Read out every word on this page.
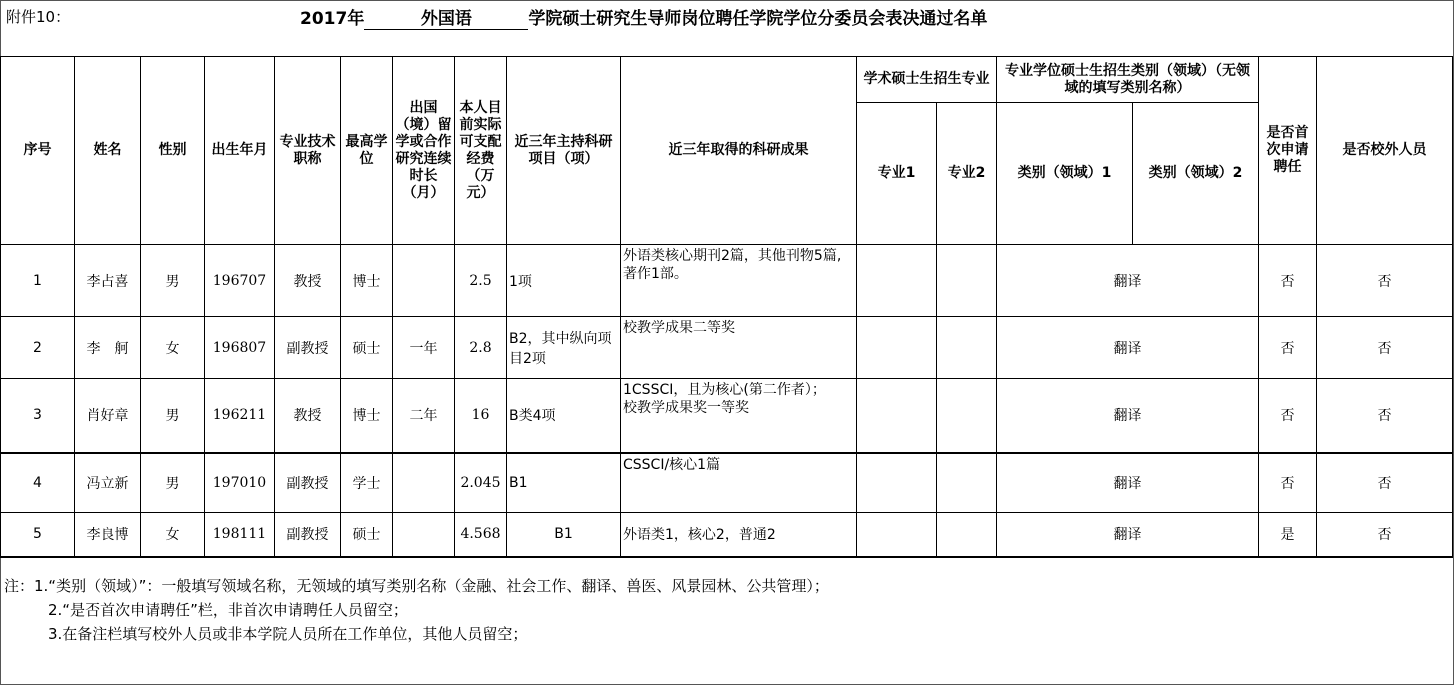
附件10：	2017年	外国语	学院硕士研究生导师岗位聘任学院学位分委员会表决通过名单
序号	姓名	性别	出生年月	专业技术职称	最高学位	出国（境）留学或合作研究连续时长（月）	本人目前实际可支配经费（万元）	近三年主持科研项目（项）	近三年取得的科研成果	学术硕士生招生专业		专业学位硕士生招生类别（领域）（无领域的填写类别名称）		是否首次申请聘任	是否校外人员
										专业1	专业2	类别（领域）1	类别（领域）2		
1	李占喜	男	196707	教授	博士		2.5	1项	外语类核心期刊2篇，其他刊物5篇,著作1部。			翻译		否	否
2	李　舸	女	196807	副教授	硕士	一年	2.8	B2，其中纵向项目2项	校教学成果二等奖			翻译		否	否
3	肖好章	男	196211	教授	博士	二年	16	B类4项	1CSSCI，且为核心(第二作者）；
校教学成果奖一等奖			翻译		否	否
4	冯立新	男	197010	副教授	学士		2.045	B1	CSSCI/核心1篇			翻译		否	否
5	李良博	女	198111	副教授	硕士		4.568	B1	外语类1，核心2，普通2			翻译		是	否
注：1.“类别（领域）”：一般填写领域名称，无领域的填写类别名称（金融、社会工作、翻译、兽医、风景园林、公共管理）；
2.“是否首次申请聘任”栏，非首次申请聘任人员留空；
3.在备注栏填写校外人员或非本学院人员所在工作单位，其他人员留空；
